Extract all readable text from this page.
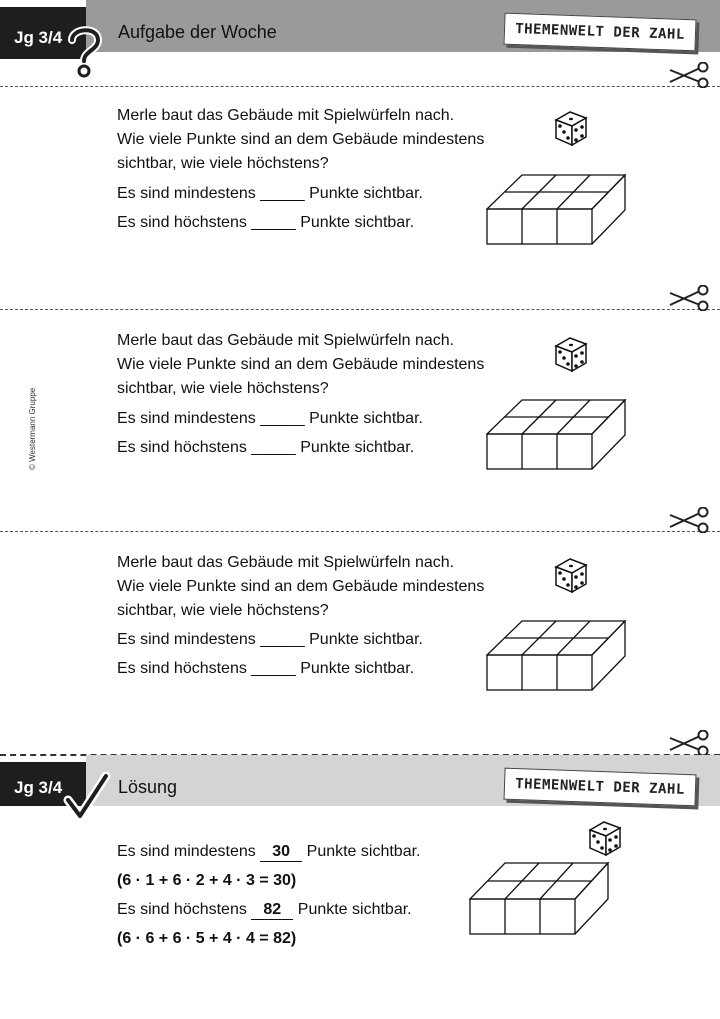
Jg 3/4	Aufgabe der Woche	THEMENWELT DER ZAHL
© Westermann Gruppe
Merle baut das Gebäude mit Spielwürfeln nach.
Wie viele Punkte sind an dem Gebäude mindestens
sichtbar, wie viele höchstens?
Es sind mindestens _____ Punkte sichtbar.
Es sind höchstens _____ Punkte sichtbar.
Merle baut das Gebäude mit Spielwürfeln nach.
Wie viele Punkte sind an dem Gebäude mindestens
sichtbar, wie viele höchstens?
Es sind mindestens _____ Punkte sichtbar.
Es sind höchstens _____ Punkte sichtbar.
Merle baut das Gebäude mit Spielwürfeln nach.
Wie viele Punkte sind an dem Gebäude mindestens
sichtbar, wie viele höchstens?
Es sind mindestens _____ Punkte sichtbar.
Es sind höchstens _____ Punkte sichtbar.
Jg 3/4	Lösung	THEMENWELT DER ZAHL
Es sind mindestens 30 Punkte sichtbar.
(6 · 1 + 6 · 2 + 4 · 3 = 30)
Es sind höchstens 82 Punkte sichtbar.
(6 · 6 + 6 · 5 + 4 · 4 = 82)
